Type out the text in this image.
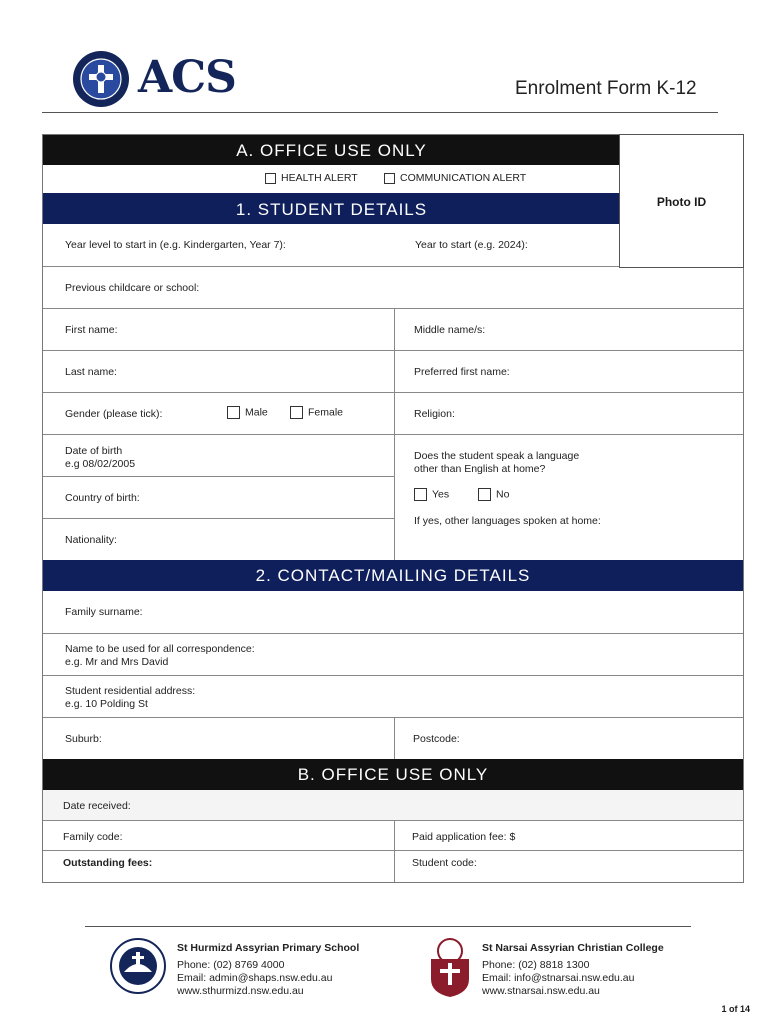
ACS	Enrolment Form K-12
A. OFFICE USE ONLY
HEALTH ALERT	COMMUNICATION ALERT
1. STUDENT DETAILS
Year level to start in (e.g. Kindergarten, Year 7):	Year to start (e.g. 2024):
Previous childcare or school:
First name:	Middle name/s:
Last name:	Preferred first name:
Gender (please tick):	Male	Female	Religion:
Date of birth
e.g 08/02/2005
Country of birth:
Nationality:
Does the student speak a language
other than English at home?
Yes	No
If yes, other languages spoken at home:
2. CONTACT/MAILING DETAILS
Family surname:
Name to be used for all correspondence:
e.g. Mr and Mrs David
Student residential address:
e.g. 10 Polding St
Suburb:	Postcode:
B. OFFICE USE ONLY
Date received:
Family code:	Paid application fee: $
Outstanding fees:	Student code:
Photo ID
St Hurmizd Assyrian Primary School
Phone: (02) 8769 4000
Email: admin@shaps.nsw.edu.au
www.sthurmizd.nsw.edu.au
St Narsai Assyrian Christian College
Phone: (02) 8818 1300
Email: info@stnarsai.nsw.edu.au
www.stnarsai.nsw.edu.au
1 of 14
